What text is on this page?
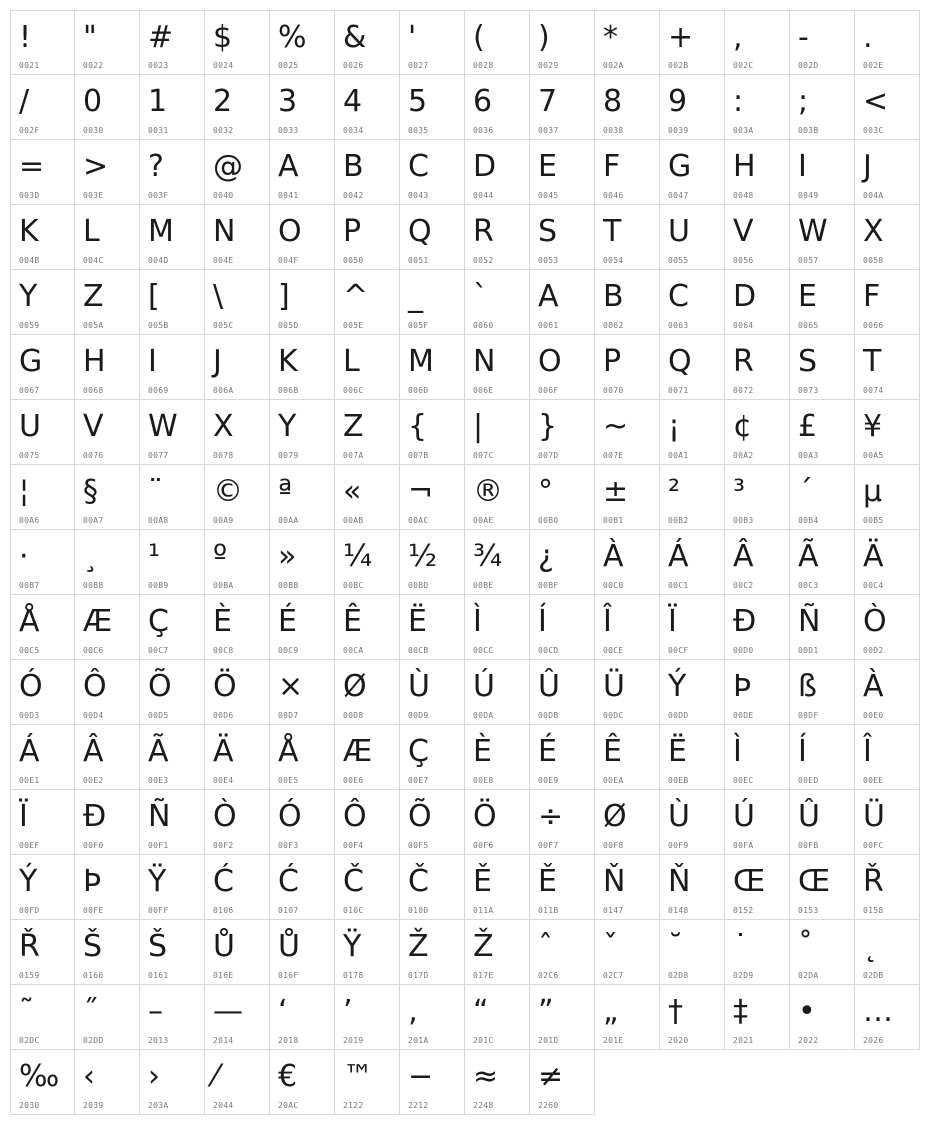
!
0021
"
0022
#
0023
$
0024
%
0025
&
0026
'
0027
(
0028
)
0029
*
002A
+
002B
,
002C
-
002D
.
002E
/
002F
0
0030
1
0031
2
0032
3
0033
4
0034
5
0035
6
0036
7
0037
8
0038
9
0039
:
003A
;
003B
<
003C
=
003D
>
003E
?
003F
@
0040
A
0041
B
0042
C
0043
D
0044
E
0045
F
0046
G
0047
H
0048
I
0049
J
004A
K
004B
L
004C
M
004D
N
004E
O
004F
P
0050
Q
0051
R
0052
S
0053
T
0054
U
0055
V
0056
W
0057
X
0058
Y
0059
Z
005A
[
005B
\
005C
]
005D
^
005E
_
005F
`
0060
A
0061
B
0062
C
0063
D
0064
E
0065
F
0066
G
0067
H
0068
I
0069
J
006A
K
006B
L
006C
M
006D
N
006E
O
006F
P
0070
Q
0071
R
0072
S
0073
T
0074
U
0075
V
0076
W
0077
X
0078
Y
0079
Z
007A
{
007B
|
007C
}
007D
~
007E
¡
00A1
¢
00A2
£
00A3
¥
00A5
¦
00A6
§
00A7
¨
00A8
©
00A9
ª
00AA
«
00AB
¬
00AC
®
00AE
°
00B0
±
00B1
²
00B2
³
00B3
´
00B4
µ
00B5
·
00B7
¸
00B8
¹
00B9
º
00BA
»
00BB
¼
00BC
½
00BD
¾
00BE
¿
00BF
À
00C0
Á
00C1
Â
00C2
Ã
00C3
Ä
00C4
Å
00C5
Æ
00C6
Ç
00C7
È
00C8
É
00C9
Ê
00CA
Ë
00CB
Ì
00CC
Í
00CD
Î
00CE
Ï
00CF
Đ
00D0
Ñ
00D1
Ò
00D2
Ó
00D3
Ô
00D4
Õ
00D5
Ö
00D6
×
00D7
Ø
00D8
Ù
00D9
Ú
00DA
Û
00DB
Ü
00DC
Ý
00DD
Þ
00DE
ß
00DF
À
00E0
Á
00E1
Â
00E2
Ã
00E3
Ä
00E4
Å
00E5
Æ
00E6
Ç
00E7
È
00E8
É
00E9
Ê
00EA
Ë
00EB
Ì
00EC
Í
00ED
Î
00EE
Ï
00EF
Đ
00F0
Ñ
00F1
Ò
00F2
Ó
00F3
Ô
00F4
Õ
00F5
Ö
00F6
÷
00F7
Ø
00F8
Ù
00F9
Ú
00FA
Û
00FB
Ü
00FC
Ý
00FD
Þ
00FE
Ÿ
00FF
Ć
0106
Ć
0107
Č
010C
Č
010D
Ě
011A
Ě
011B
Ň
0147
Ň
0148
Œ
0152
Œ
0153
Ř
0158
Ř
0159
Š
0160
Š
0161
Ů
016E
Ů
016F
Ÿ
0178
Ž
017D
Ž
017E
ˆ
02C6
ˇ
02C7
˘
02D8
˙
02D9
˚
02DA
˛
02DB
˜
02DC
˝
02DD
–
2013
—
2014
‘
2018
’
2019
‚
201A
“
201C
”
201D
„
201E
†
2020
‡
2021
•
2022
…
2026
‰
2030
‹
2039
›
203A
⁄
2044
€
20AC
™
2122
−
2212
≈
2248
≠
2260
